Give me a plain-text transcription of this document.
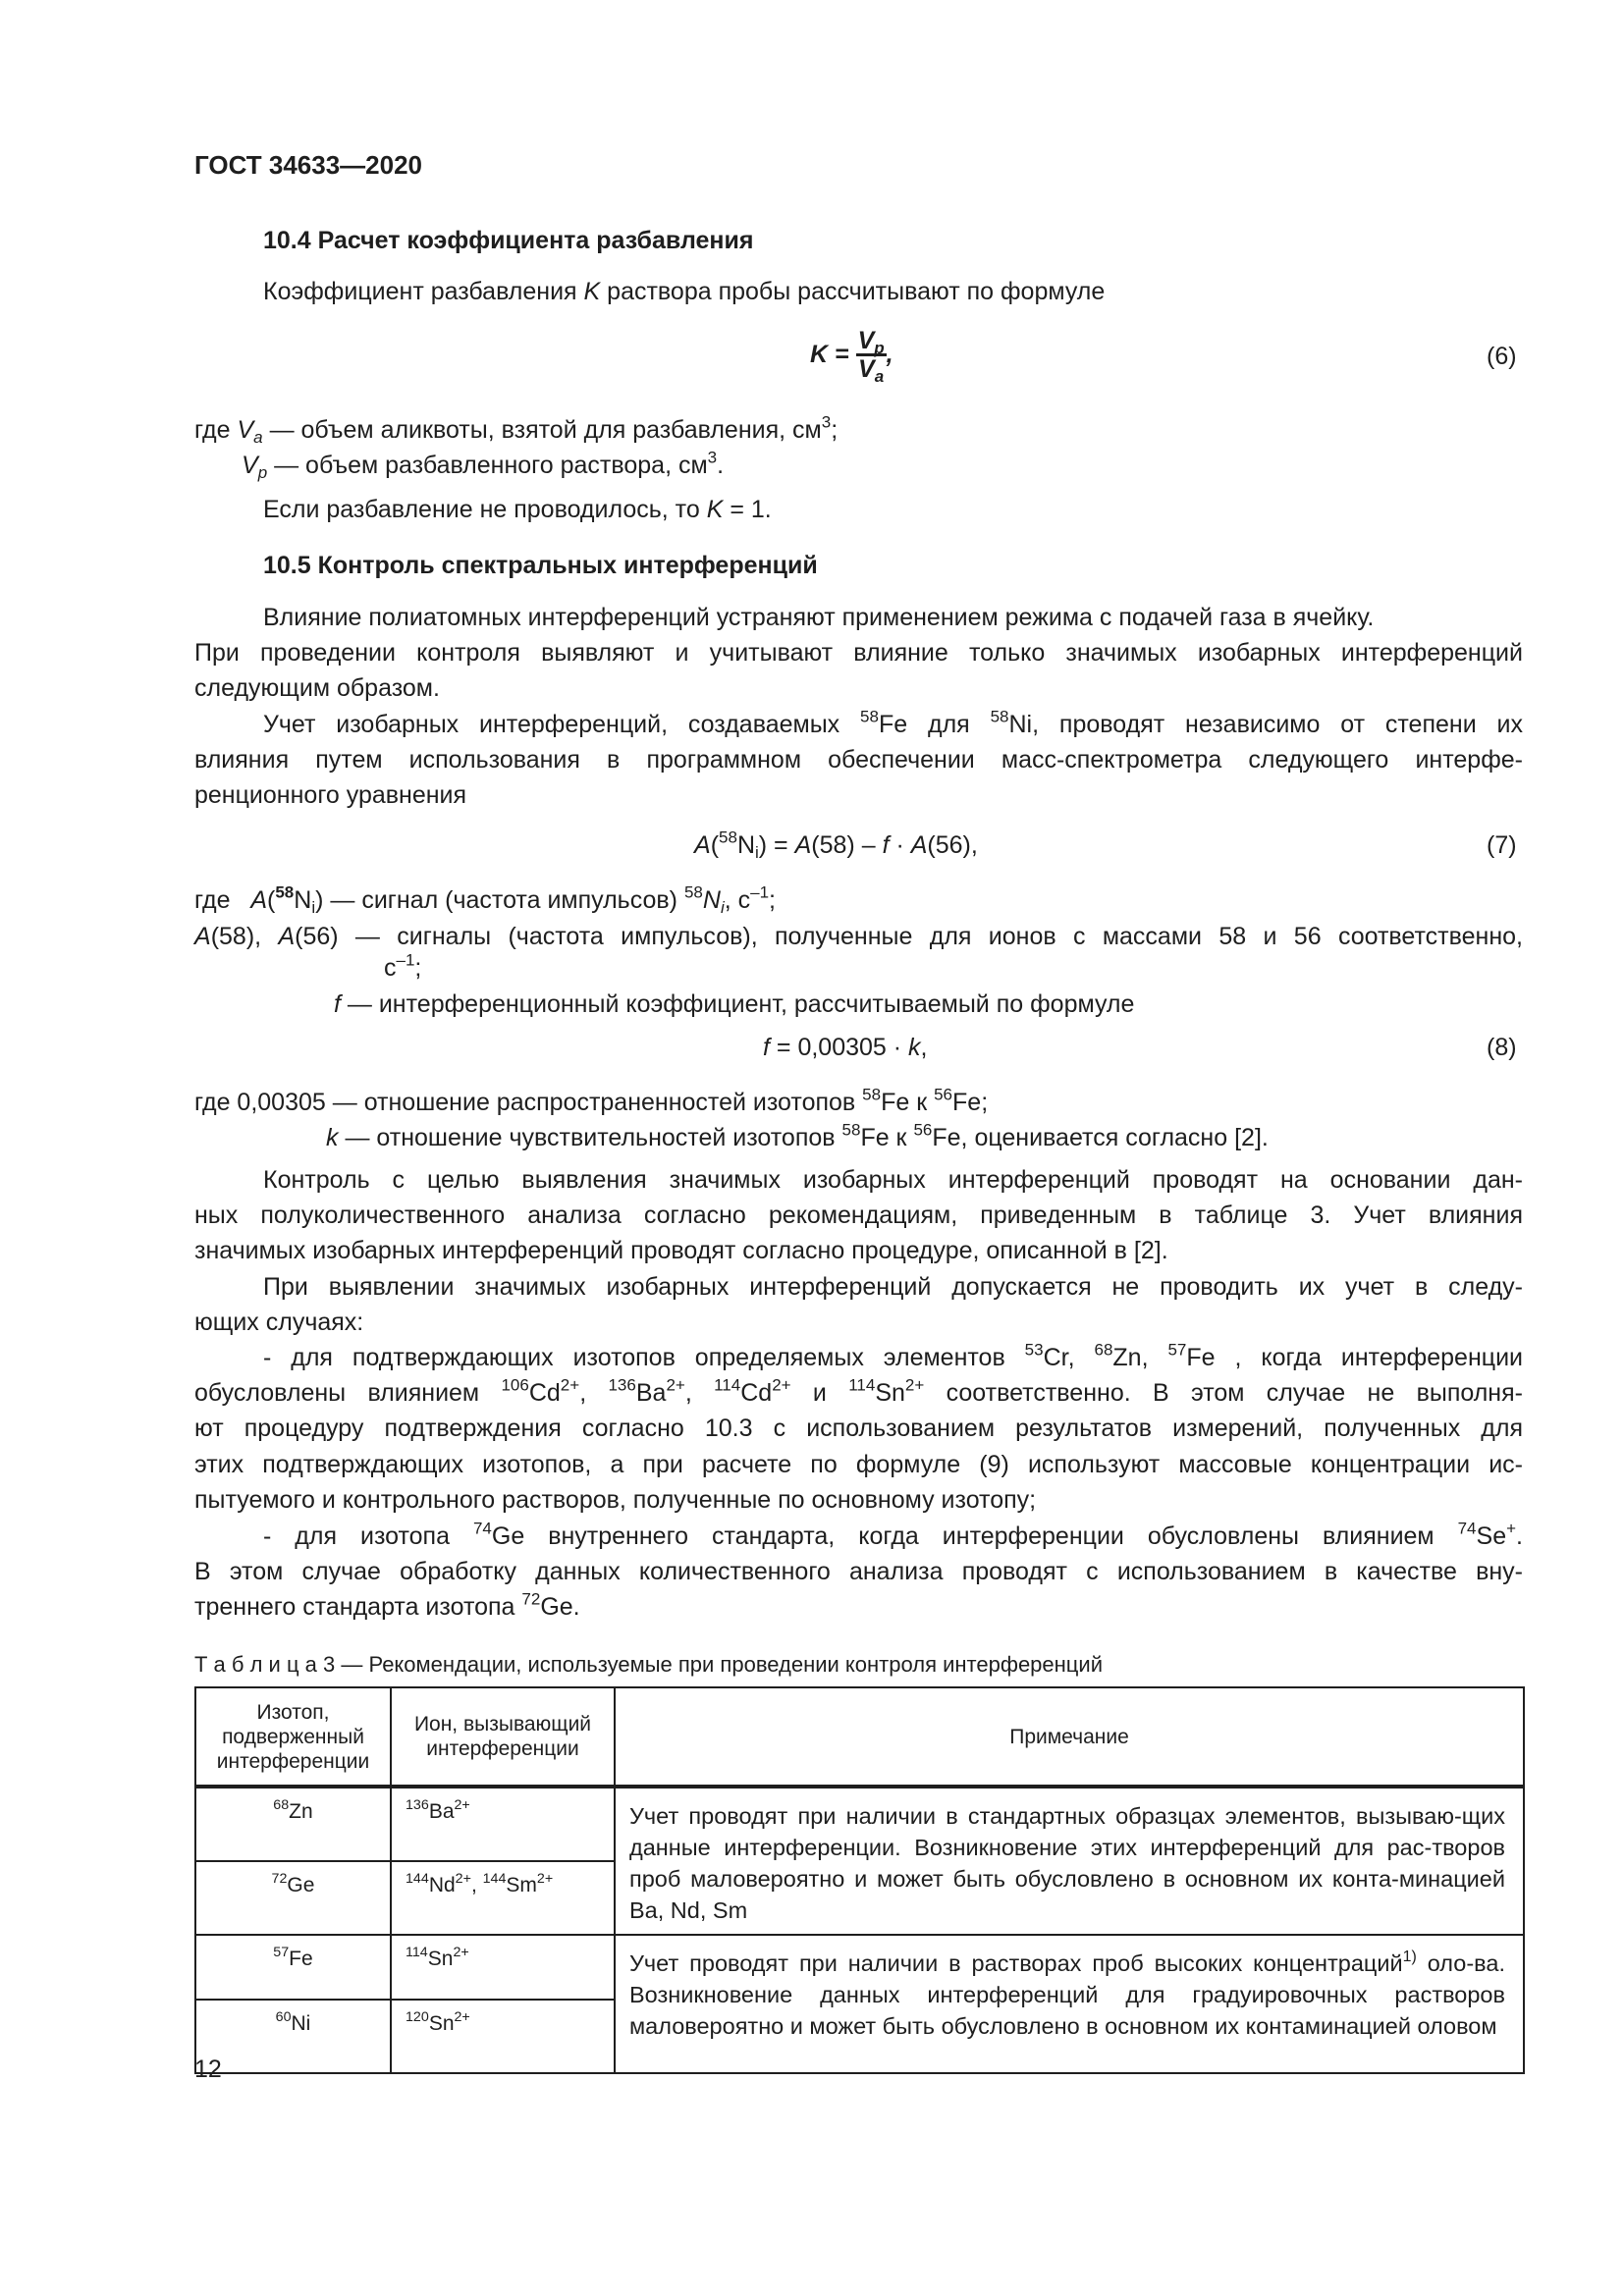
ГОСТ 34633—2020
10.4 Расчет коэффициента разбавления
Коэффициент разбавления K раствора пробы рассчитывают по формуле
$K = \frac{V_p}{V_a}$ ,	(6)
где $V_a$ — объем аликвоты, взятой для разбавления, $см^3$;
$V_p$ — объем разбавленного раствора, $см^3$.
Если разбавление не проводилось, то K = 1.
10.5 Контроль спектральных интерференций
Влияние полиатомных интерференций устраняют применением режима с подачей газа в ячейку.
При проведении контроля выявляют и учитывают влияние только значимых изобарных интерференций
следующим образом.
Учет изобарных интерференций, создаваемых $^{58}$Fe для $^{58}$Ni, проводят независимо от степени их
влияния путем использования в программном обеспечении масс-спектрометра следующего интерфе-
ренционного уравнения
$A(^{58}N_i) = A(58) - f \cdot A(56)$,	(7)
где   $A(^{58}N_i)$ — сигнал (частота импульсов) $^{58}N_i$, $c^{-1}$;
A(58), A(56) — сигналы (частота импульсов), полученные для ионов с массами 58 и 56 соответственно,
$c^{-1}$;
f — интерференционный коэффициент, рассчитываемый по формуле
f = 0,00305 · k,	(8)
где 0,00305 — отношение распространенностей изотопов $^{58}$Fe к $^{56}$Fe;
k — отношение чувствительностей изотопов $^{58}$Fe к $^{56}$Fe, оценивается согласно [2].
Контроль с целью выявления значимых изобарных интерференций проводят на основании дан-
ных полуколичественного анализа согласно рекомендациям, приведенным в таблице 3. Учет влияния
значимых изобарных интерференций проводят согласно процедуре, описанной в [2].
При выявлении значимых изобарных интерференций допускается не проводить их учет в следу-
ющих случаях:
- для подтверждающих изотопов определяемых элементов $^{53}$Cr, $^{68}$Zn, $^{57}$Fe , когда интерференции
обусловлены влиянием $^{106}Cd^{2+}$, $^{136}Ba^{2+}$, $^{114}Cd^{2+}$ и $^{114}Sn^{2+}$ соответственно. В этом случае не выполня-
ют процедуру подтверждения согласно 10.3 с использованием результатов измерений, полученных для
этих подтверждающих изотопов, а при расчете по формуле (9) используют массовые концентрации ис-
пытуемого и контрольного растворов, полученные по основному изотопу;
- для изотопа $^{74}$Ge внутреннего стандарта, когда интерференции обусловлены влиянием $^{74}$Se+.
В этом случае обработку данных количественного анализа проводят с использованием в качестве вну-
треннего стандарта изотопа $^{72}$Ge.
Т а б л и ц а 3 — Рекомендации, используемые при проведении контроля интерференций
Изотоп, подверженный интерференции	Ион, вызывающий интерференции	Примечание
$^{68}$Zn	$^{136}Ba^{2+}$	Учет проводят при наличии в стандартных образцах элементов, вызываю-щих данные интерференции. Возникновение этих интерференций для рас-творов проб маловероятно и может быть обусловлено в основном их конта-минацией Ba, Nd, Sm
$^{72}$Ge	$^{144}Nd^{2+}$, $^{144}Sm^{2+}$
$^{57}$Fe	$^{114}Sn^{2+}$	Учет проводят при наличии в растворах проб высоких концентраций$^{1)}$ оло-ва. Возникновение данных интерференций для градуировочных растворов маловероятно и может быть обусловлено в основном их контаминацией оловом
$^{60}$Ni	$^{120}Sn^{2+}$
12
